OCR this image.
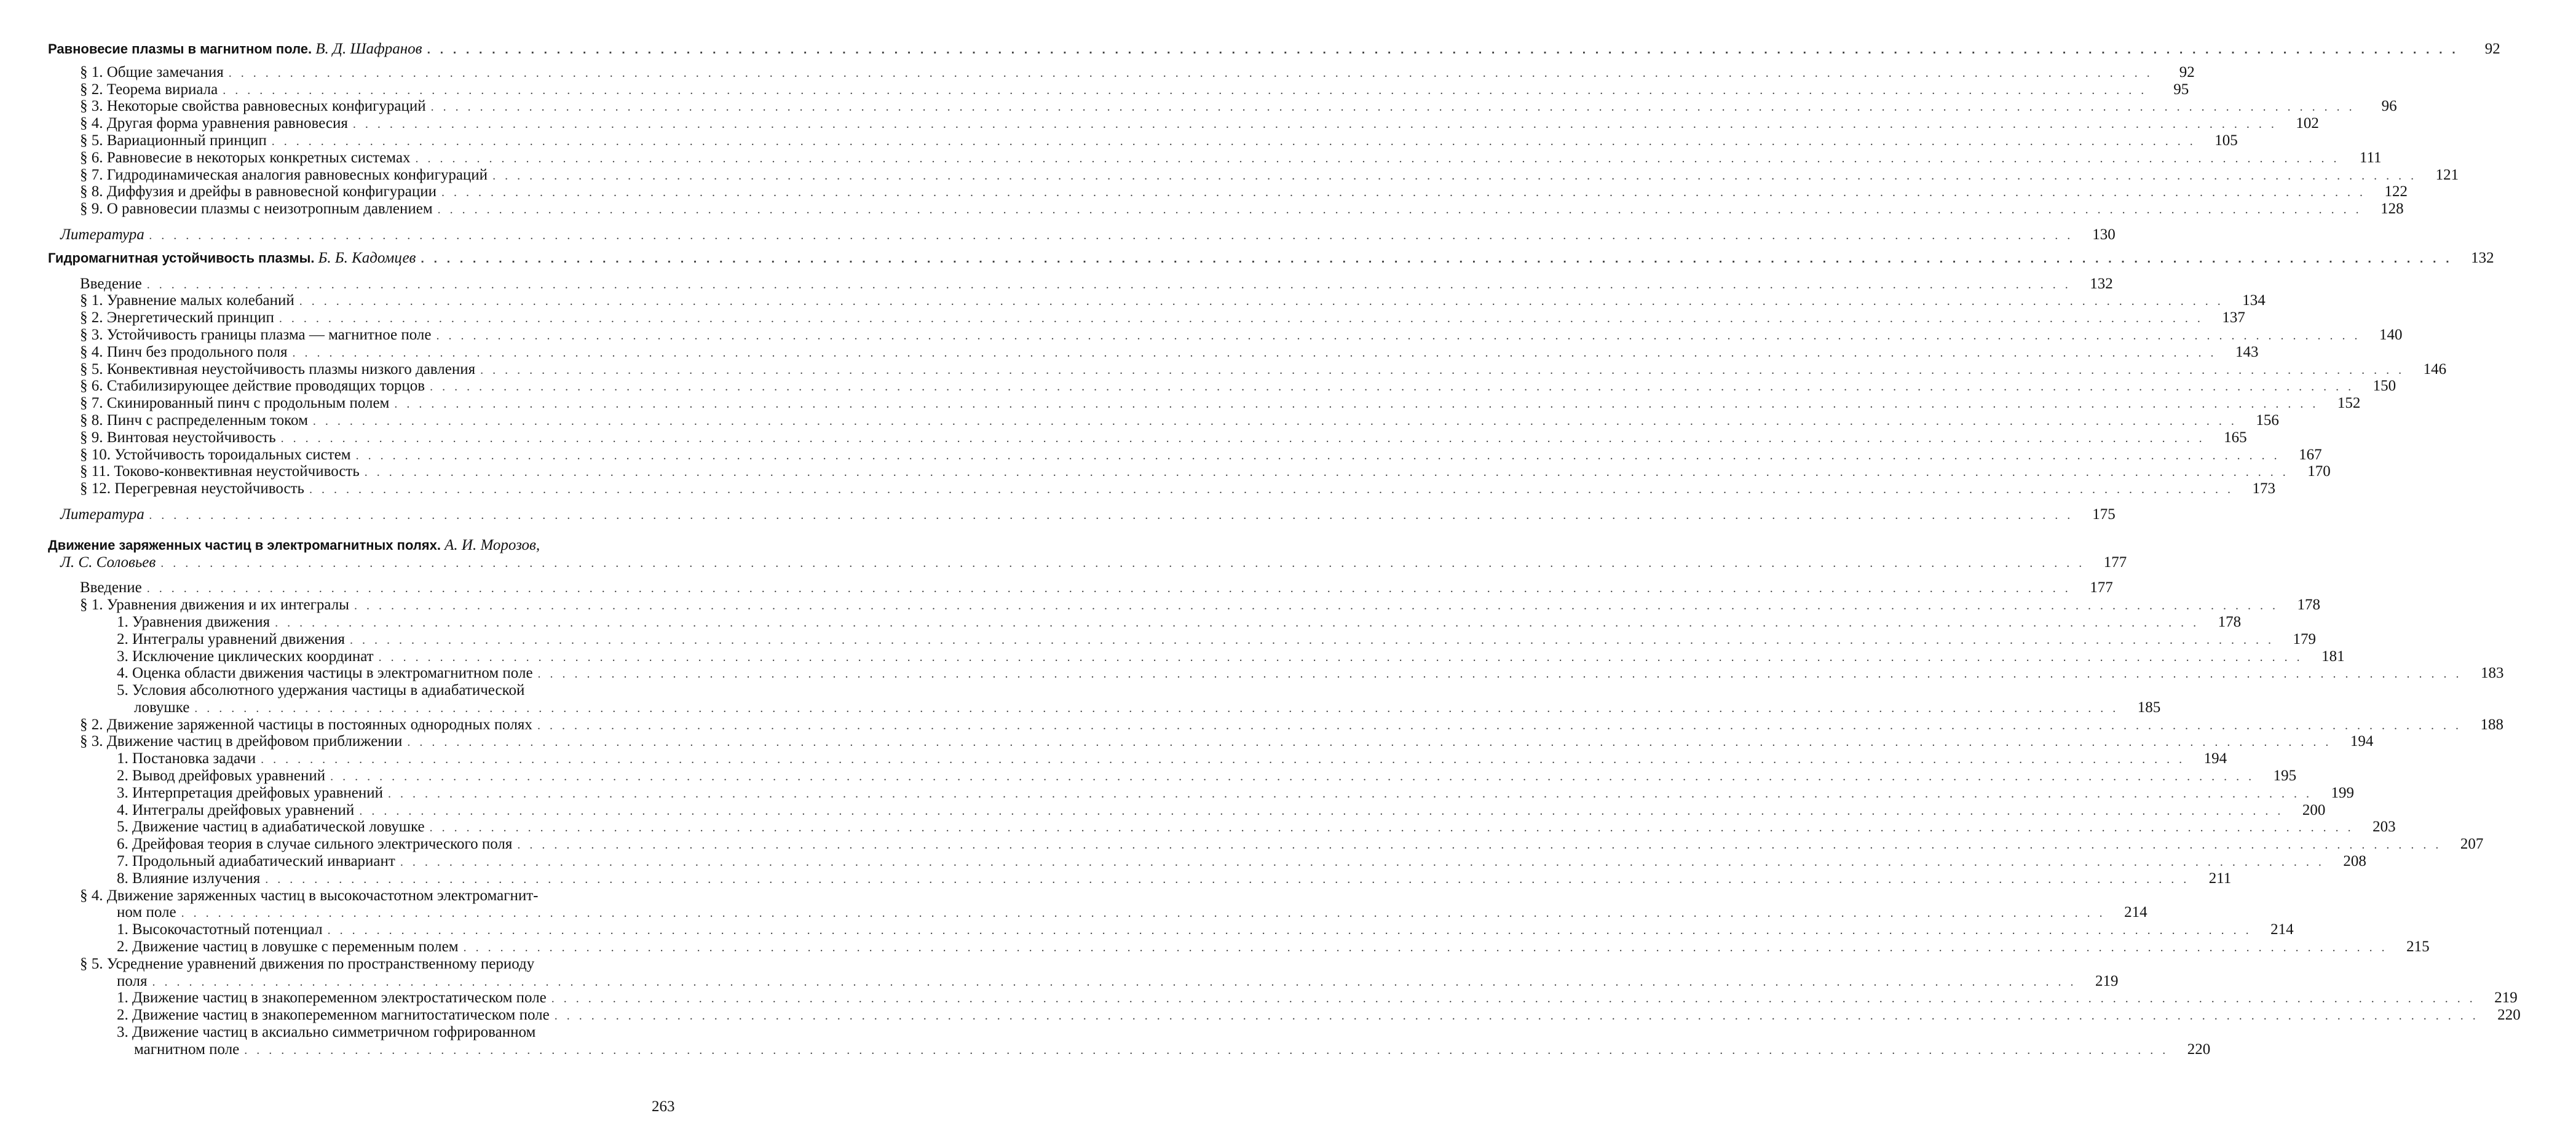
Равновесие плазмы в магнитном поле. В. Д. Шафранов . . .	92
§ 1. Общие замечания . . .	92
§ 2. Теорема вириала . . .	95
§ 3. Некоторые свойства равновесных конфигураций . . .	96
§ 4. Другая форма уравнения равновесия . . .	102
§ 5. Вариационный принцип . . .	105
§ 6. Равновесие в некоторых конкретных системах . . .	111
§ 7. Гидродинамическая аналогия равновесных конфигураций . . .	121
§ 8. Диффузия и дрейфы в равновесной конфигурации . . .	122
§ 9. О равновесии плазмы с неизотропным давлением . . .	128
Литература . . .	130
Гидромагнитная устойчивость плазмы. Б. Б. Кадомцев . . .	132
Введение . . .	132
§ 1. Уравнение малых колебаний . . .	134
§ 2. Энергетический принцип . . .	137
§ 3. Устойчивость границы плазма — магнитное поле . . .	140
§ 4. Пинч без продольного поля . . .	143
§ 5. Конвективная неустойчивость плазмы низкого давления . . .	146
§ 6. Стабилизирующее действие проводящих торцов . . .	150
§ 7. Скинированный пинч с продольным полем . . .	152
§ 8. Пинч с распределенным током . . .	156
§ 9. Винтовая неустойчивость . . .	165
§ 10. Устойчивость тороидальных систем . . .	167
§ 11. Токово-конвективная неустойчивость . . .	170
§ 12. Перегревная неустойчивость . . .	173
Литература . . .	175
Движение заряженных частиц в электромагнитных полях. А. И. Морозов,
Л. С. Соловьев . . .	177
Введение . . .	177
§ 1. Уравнения движения и их интегралы . . .	178
1. Уравнения движения . . .	178
2. Интегралы уравнений движения . . .	179
3. Исключение циклических координат . . .	181
4. Оценка области движения частицы в электромагнитном поле . . .	183
5. Условия абсолютного удержания частицы в адиабатической
ловушке . . .	185
§ 2. Движение заряженной частицы в постоянных однородных полях . . .	188
§ 3. Движение частиц в дрейфовом приближении . . .	194
1. Постановка задачи . . .	194
2. Вывод дрейфовых уравнений . . .	195
3. Интерпретация дрейфовых уравнений . . .	199
4. Интегралы дрейфовых уравнений . . .	200
5. Движение частиц в адиабатической ловушке . . .	203
6. Дрейфовая теория в случае сильного электрического поля . . .	207
7. Продольный адиабатический инвариант . . .	208
8. Влияние излучения . . .	211
§ 4. Движение заряженных частиц в высокочастотном электромагнит-
ном поле . . .	214
1. Высокочастотный потенциал . . .	214
2. Движение частиц в ловушке с переменным полем . . .	215
§ 5. Усреднение уравнений движения по пространственному периоду
поля . . .	219
1. Движение частиц в знакопеременном электростатическом поле . . .	219
2. Движение частиц в знакопеременном магнитостатическом поле . . .	220
3. Движение частиц в аксиально симметричном гофрированном
магнитном поле . . .	220
263
